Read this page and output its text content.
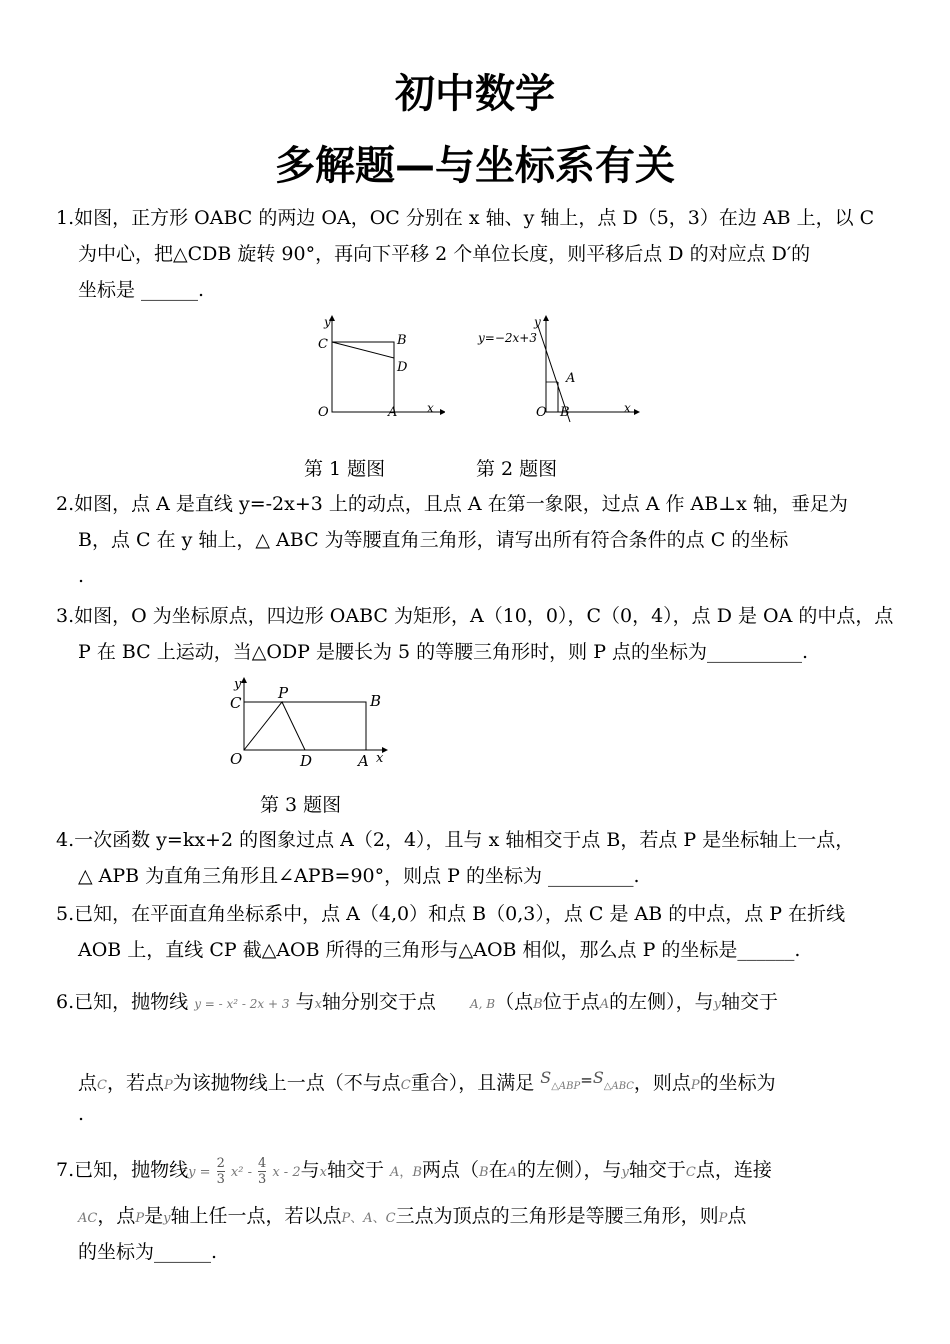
初中数学
多解题—与坐标系有关
1.如图，正方形 OABC 的两边 OA，OC 分别在 x 轴、y 轴上，点 D（5，3）在边 AB 上，以 C
为中心，把△CDB 旋转 90°，再向下平移 2 个单位长度，则平移后点 D 的对应点 D′的
坐标是 ______.
y
x
O
C	B
D
A
y
x
O
A
B
y=−2x+3
第 1 题图	第 2 题图
2.如图，点 A 是直线 y=-2x+3 上的动点，且点 A 在第一象限，过点 A 作 AB⊥x 轴，垂足为
B，点 C 在 y 轴上，△ ABC 为等腰直角三角形，请写出所有符合条件的点 C 的坐标
.
3.如图，O 为坐标原点，四边形 OABC 为矩形，A（10，0），C（0，4），点 D 是 OA 的中点，点
P 在 BC 上运动，当△ODP 是腰长为 5 的等腰三角形时，则 P 点的坐标为__________.
y
x
O
C
P	B
D	A
第 3 题图
4.一次函数 y=kx+2 的图象过点 A（2，4），且与 x 轴相交于点 B，若点 P 是坐标轴上一点，
△ APB 为直角三角形且∠APB=90°，则点 P 的坐标为 _________.
5.已知，在平面直角坐标系中，点 A（4,0）和点 B（0,3），点 C 是 AB 的中点，点 P 在折线
AOB 上，直线 CP 截△AOB 所得的三角形与△AOB 相似，那么点 P 的坐标是______.
6.已知，抛物线 y = - x² - 2x + 3 与x轴分别交于点	A, B（点B位于点A的左侧），与y轴交于
点C，若点P为该抛物线上一点（不与点C重合），且满足 $^S\triangle ABP^{=S}\triangle ABC$，则点P的坐标为
.
7.已知，抛物线$y = \frac{2}{3} x^2 - \frac{4}{3}$ x - 2与x轴交于 A，B两点（B在A的左侧），与y轴交于C点，连接
AC，点P是y轴上任一点，若以点P、A、C三点为顶点的三角形是等腰三角形，则P点
的坐标为______.
